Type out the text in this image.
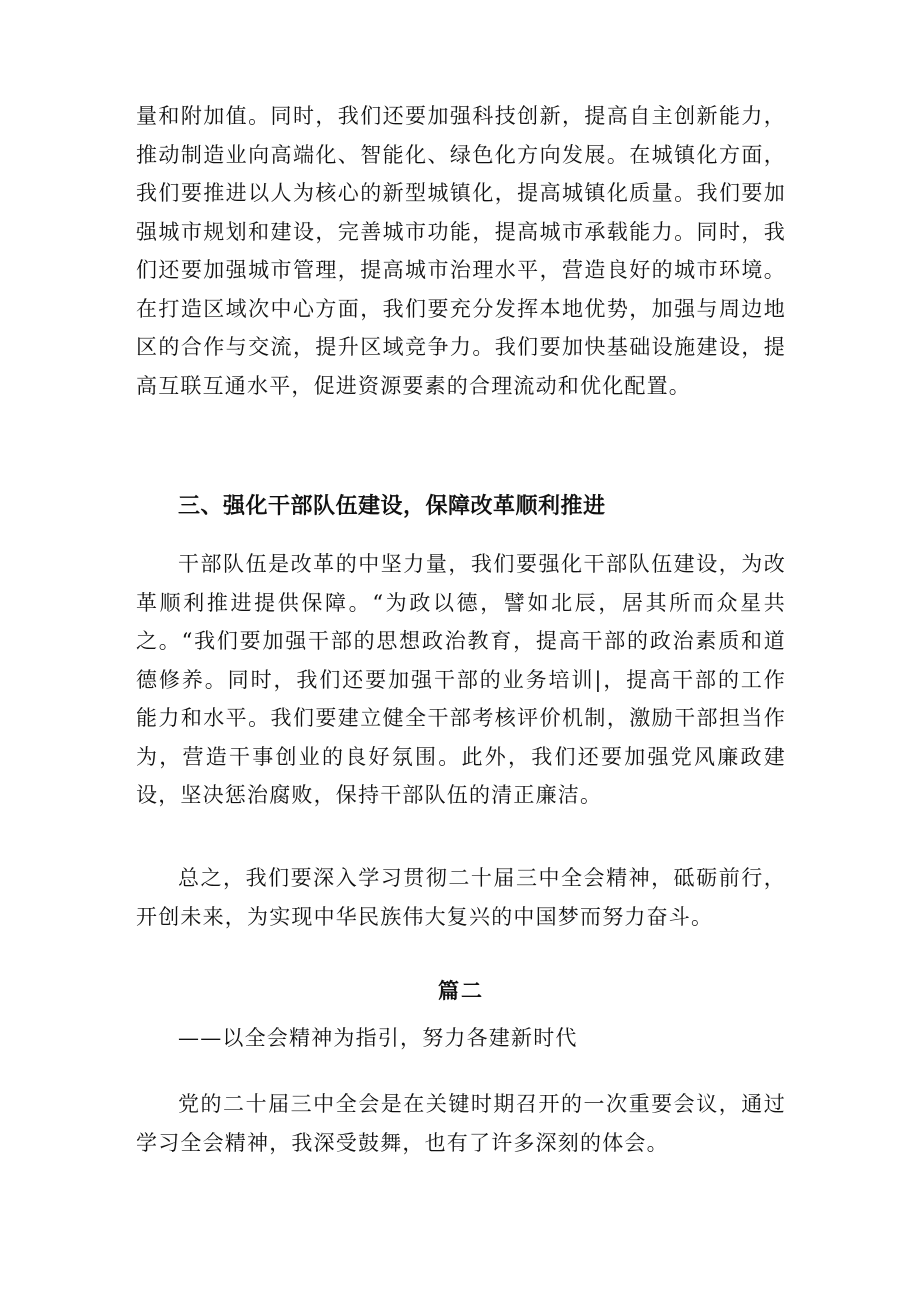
量和附加值。同时，我们还要加强科技创新，提高自主创新能力，推动制造业向高端化、智能化、绿色化方向发展。在城镇化方面，我们要推进以人为核心的新型城镇化，提高城镇化质量。我们要加强城市规划和建设，完善城市功能，提高城市承载能力。同时，我们还要加强城市管理，提高城市治理水平，营造良好的城市环境。在打造区域次中心方面，我们要充分发挥本地优势，加强与周边地区的合作与交流，提升区域竞争力。我们要加快基础设施建设，提高互联互通水平，促进资源要素的合理流动和优化配置。

三、强化干部队伍建设，保障改革顺利推进

干部队伍是改革的中坚力量，我们要强化干部队伍建设，为改革顺利推进提供保障。“为政以德，譬如北辰，居其所而众星共之。“我们要加强干部的思想政治教育，提高干部的政治素质和道德修养。同时，我们还要加强干部的业务培训|，提高干部的工作能力和水平。我们要建立健全干部考核评价机制，激励干部担当作为，营造干事创业的良好氛围。此外，我们还要加强党风廉政建设，坚决惩治腐败，保持干部队伍的清正廉洁。

总之，我们要深入学习贯彻二十届三中全会精神，砥砺前行，开创未来，为实现中华民族伟大复兴的中国梦而努力奋斗。

篇二

——以全会精神为指引，努力各建新时代

党的二十届三中全会是在关键时期召开的一次重要会议，通过学习全会精神，我深受鼓舞，也有了许多深刻的体会。
